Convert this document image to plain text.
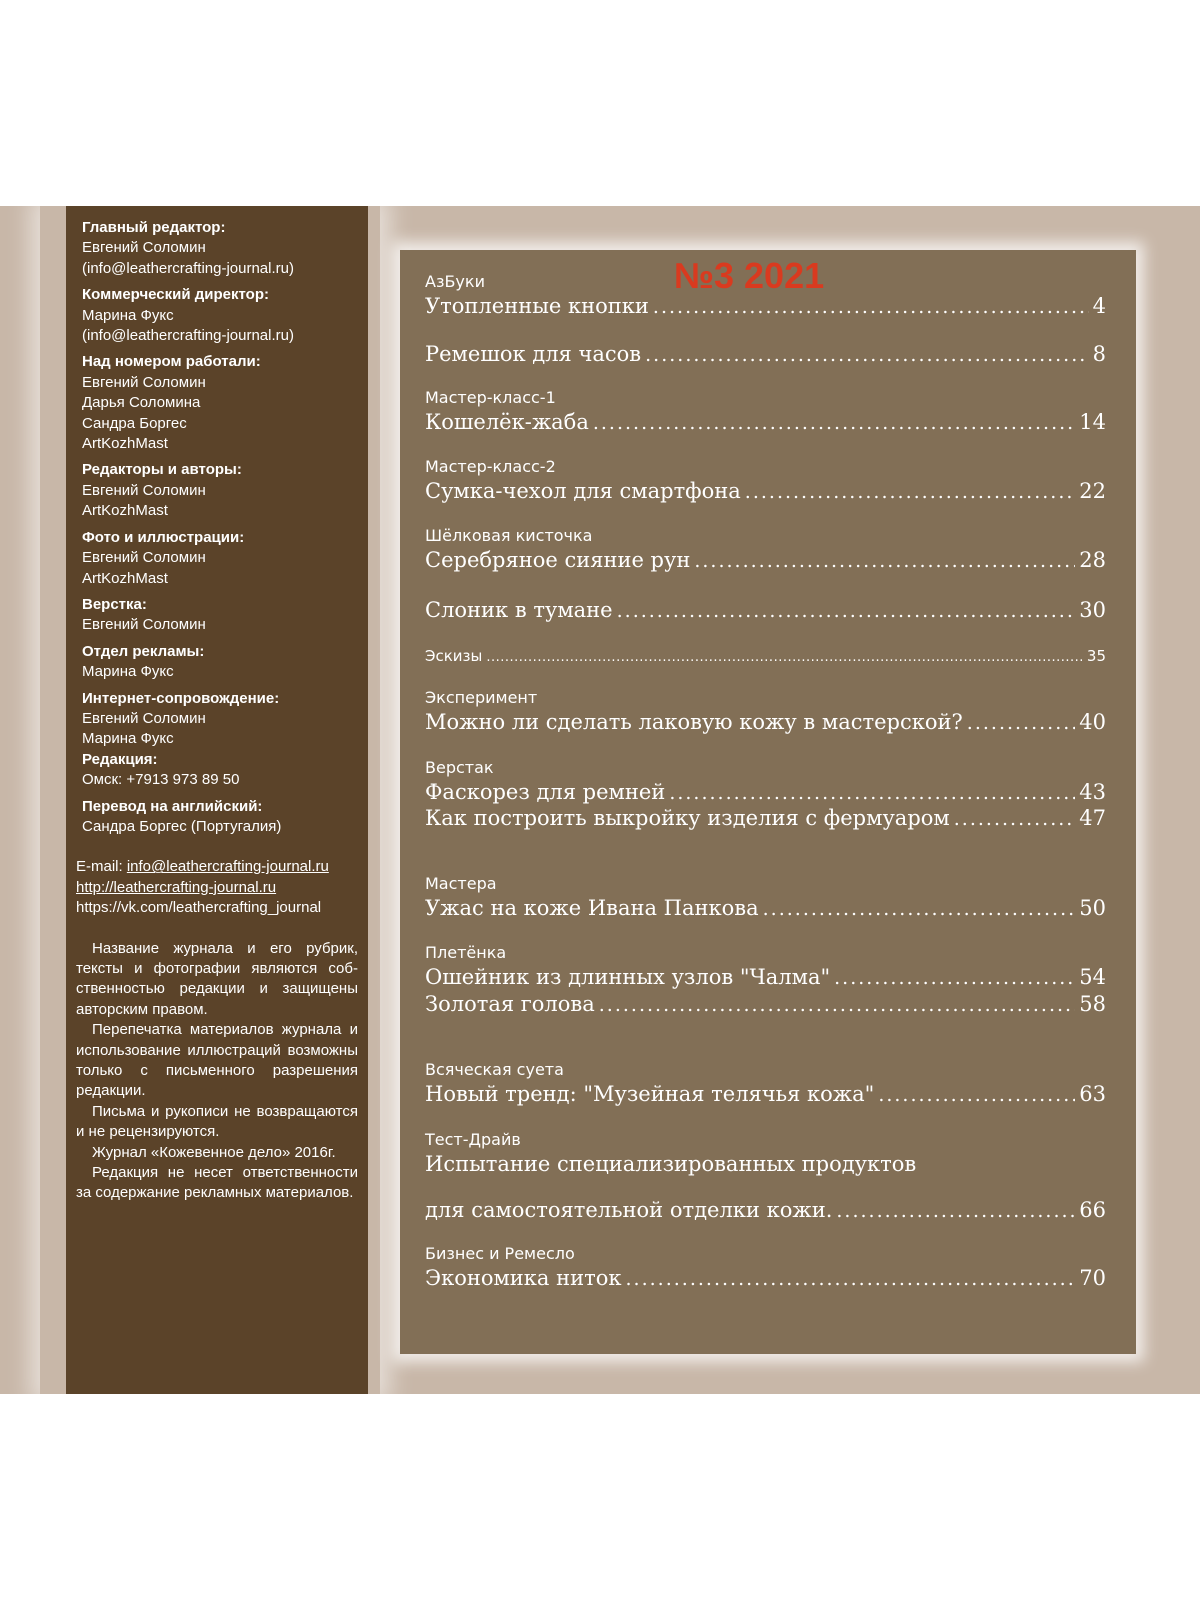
Главный редактор:
Евгений Соломин
(info@leathercrafting-journal.ru)
Коммерческий директор:
Марина Фукс
(info@leathercrafting-journal.ru)
Над номером работали:
Евгений Соломин
Дарья Соломина
Сандра Боргес
ArtKozhMast
Редакторы и авторы:
Евгений Соломин
ArtKozhMast
Фото и иллюстрации:
Евгений Соломин
ArtKozhMast
Верстка:
Евгений Соломин
Отдел рекламы:
Марина Фукс
Интернет-сопровождение:
Евгений Соломин
Марина Фукс
Редакция:
Омск: +7913 973 89 50
Перевод на английский:
Сандра Боргес (Португалия)
E-mail: info@leathercrafting-journal.ru
http://leathercrafting-journal.ru
https://vk.com/leathercrafting_journal

Название журнала и его рубрик, тексты и фотографии являются собственностью редакции и защищены авторским правом.

Перепечатка материалов журнала и использование иллюстраций возможны только с письменного разрешения редакции.

Письма и рукописи не возвращаются и не рецензируются.

Журнал «Кожевенное дело» 2016г.

Редакция не несет ответственности за содержание рекламных материалов.

№3 2021
АзБуки
Утопленные кнопки .....	4
Ремешок для часов .....	8
Мастер-класс-1
Кошелёк-жаба .....	14
Мастер-класс-2
Сумка-чехол для смартфона .....	22
Шёлковая кисточка
Серебряное сияние рун .....	28
Слоник в тумане .....	30
Эскизы .....	35
Эксперимент
Можно ли сделать лаковую кожу в мастерской? .....	40
Верстак
Фаскорез для ремней .....	43
Как построить выкройку изделия с фермуаром .....	47
Мастера
Ужас на коже Ивана Панкова .....	50
Плетёнка
Ошейник из длинных узлов "Чалма" .....	54
Золотая голова .....	58
Всяческая суета
Новый тренд: "Музейная телячья кожа" .....	63
Тест-Драйв
Испытание специализированных продуктов
для самостоятельной отделки кожи. .....	66
Бизнес и Ремесло
Экономика ниток .....	70
